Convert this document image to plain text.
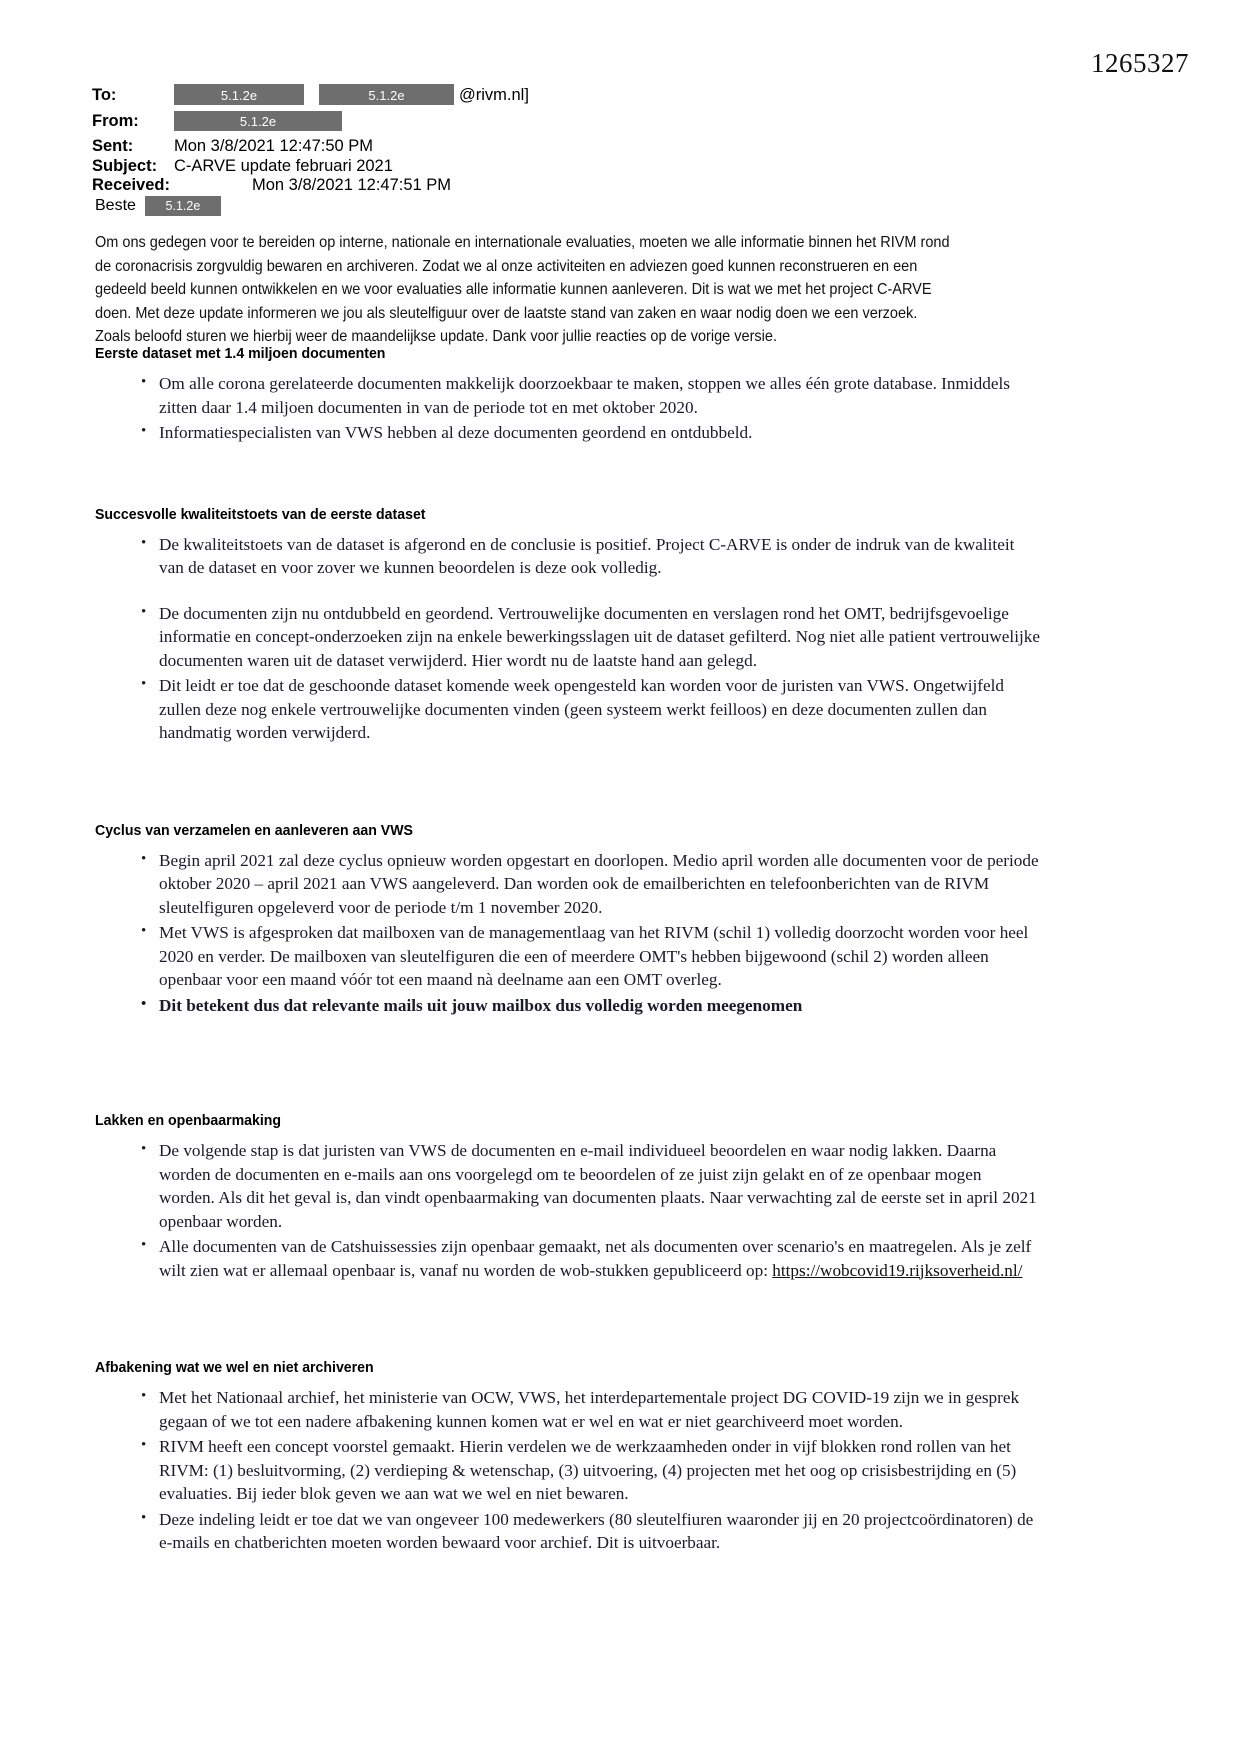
1265327
To:	5.1.2e	[	5.1.2e	@rivm.nl]
From:	5.1.2e
Sent:	Mon 3/8/2021 12:47:50 PM
Subject:	C-ARVE update februari 2021
Received:	Mon 3/8/2021 12:47:51 PM
Beste	5.1.2e
Om ons gedegen voor te bereiden op interne, nationale en internationale evaluaties, moeten we alle informatie binnen het RIVM rond de coronacrisis zorgvuldig bewaren en archiveren. Zodat we al onze activiteiten en adviezen goed kunnen reconstrueren en een gedeeld beeld kunnen ontwikkelen en we voor evaluaties alle informatie kunnen aanleveren. Dit is wat we met het project C-ARVE doen. Met deze update informeren we jou als sleutelfiguur over de laatste stand van zaken en waar nodig doen we een verzoek. Zoals beloofd sturen we hierbij weer de maandelijkse update. Dank voor jullie reacties op de vorige versie.
Eerste dataset met 1.4 miljoen documenten
• Om alle corona gerelateerde documenten makkelijk doorzoekbaar te maken, stoppen we alles één grote database. Inmiddels zitten daar 1.4 miljoen documenten in van de periode tot en met oktober 2020.
• Informatiespecialisten van VWS hebben al deze documenten geordend en ontdubbeld.
Succesvolle kwaliteitstoets van de eerste dataset
• De kwaliteitstoets van de dataset is afgerond en de conclusie is positief. Project C-ARVE is onder de indruk van de kwaliteit van de dataset en voor zover we kunnen beoordelen is deze ook volledig.
• De documenten zijn nu ontdubbeld en geordend. Vertrouwelijke documenten en verslagen rond het OMT, bedrijfsgevoelige informatie en concept-onderzoeken zijn na enkele bewerkingsslagen uit de dataset gefilterd. Nog niet alle patient vertrouwelijke documenten waren uit de dataset verwijderd. Hier wordt nu de laatste hand aan gelegd.
• Dit leidt er toe dat de geschoonde dataset komende week opengesteld kan worden voor de juristen van VWS. Ongetwijfeld zullen deze nog enkele vertrouwelijke documenten vinden (geen systeem werkt feilloos) en deze documenten zullen dan handmatig worden verwijderd.
Cyclus van verzamelen en aanleveren aan VWS
• Begin april 2021 zal deze cyclus opnieuw worden opgestart en doorlopen. Medio april worden alle documenten voor de periode oktober 2020 – april 2021 aan VWS aangeleverd. Dan worden ook de emailberichten en telefoonberichten van de RIVM sleutelfiguren opgeleverd voor de periode t/m 1 november 2020.
• Met VWS is afgesproken dat mailboxen van de managementlaag van het RIVM (schil 1) volledig doorzocht worden voor heel 2020 en verder. De mailboxen van sleutelfiguren die een of meerdere OMT's hebben bijgewoond (schil 2) worden alleen openbaar voor een maand vóór tot een maand nà deelname aan een OMT overleg.
• Dit betekent dus dat relevante mails uit jouw mailbox dus volledig worden meegenomen
Lakken en openbaarmaking
• De volgende stap is dat juristen van VWS de documenten en e-mail individueel beoordelen en waar nodig lakken. Daarna worden de documenten en e-mails aan ons voorgelegd om te beoordelen of ze juist zijn gelakt en of ze openbaar mogen worden. Als dit het geval is, dan vindt openbaarmaking van documenten plaats. Naar verwachting zal de eerste set in april 2021 openbaar worden.
• Alle documenten van de Catshuissessies zijn openbaar gemaakt, net als documenten over scenario's en maatregelen. Als je zelf wilt zien wat er allemaal openbaar is, vanaf nu worden de wob-stukken gepubliceerd op: https://wobcovid19.rijksoverheid.nl/
Afbakening wat we wel en niet archiveren
• Met het Nationaal archief, het ministerie van OCW, VWS, het interdepartementale project DG COVID-19 zijn we in gesprek gegaan of we tot een nadere afbakening kunnen komen wat er wel en wat er niet gearchiveerd moet worden.
• RIVM heeft een concept voorstel gemaakt. Hierin verdelen we de werkzaamheden onder in vijf blokken rond rollen van het RIVM: (1) besluitvorming, (2) verdieping & wetenschap, (3) uitvoering, (4) projecten met het oog op crisisbestrijding en (5) evaluaties. Bij ieder blok geven we aan wat we wel en niet bewaren.
• Deze indeling leidt er toe dat we van ongeveer 100 medewerkers (80 sleutelfiuren waaronder jij en 20 projectcoördinatoren) de e-mails en chatberichten moeten worden bewaard voor archief. Dit is uitvoerbaar.
